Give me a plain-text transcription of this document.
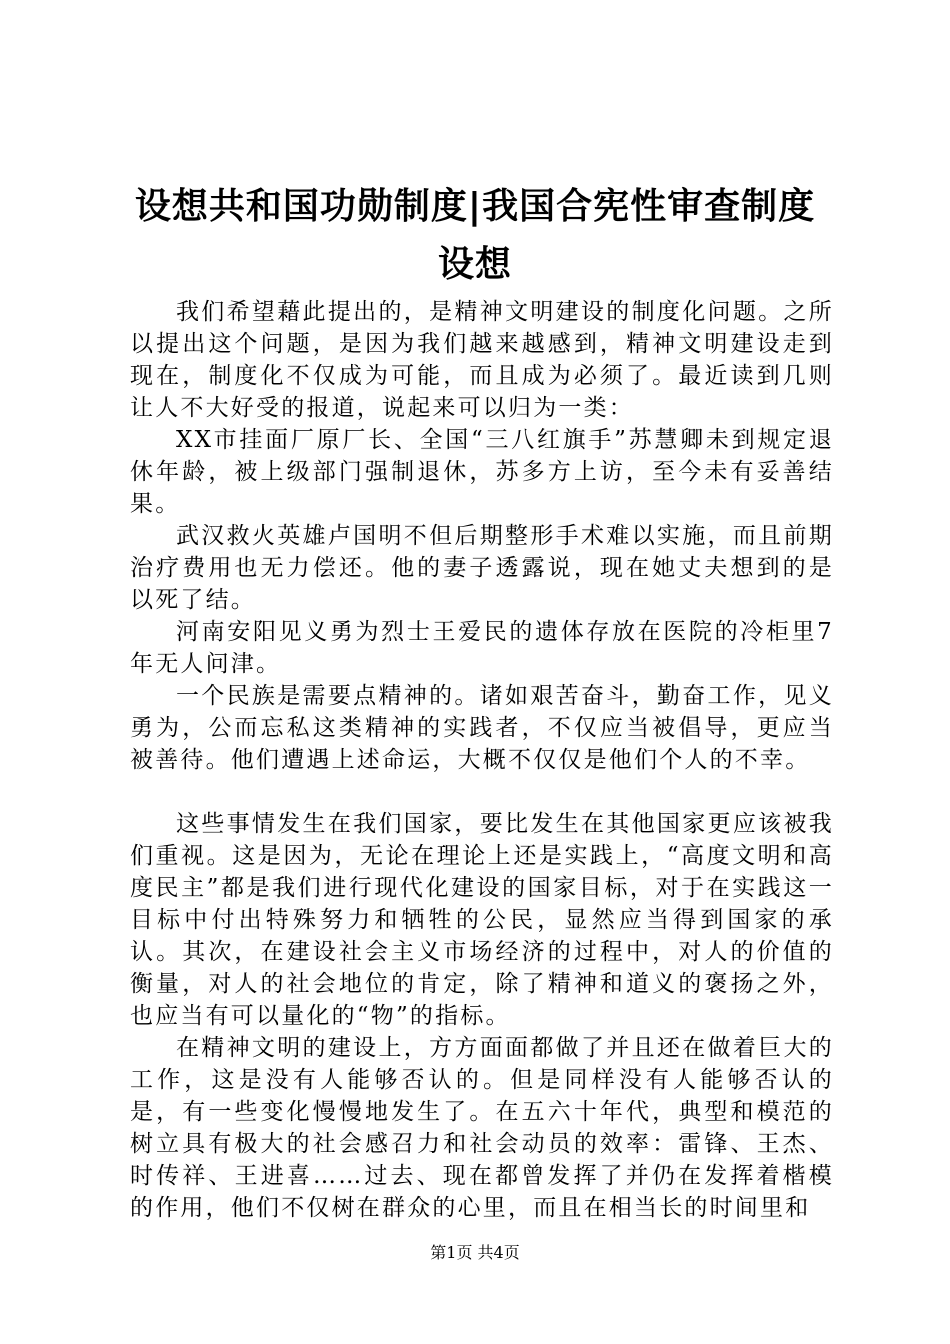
设想共和国功勋制度|我国合宪性审查制度设想

我们希望藉此提出的，是精神文明建设的制度化问题。之所以提出这个问题，是因为我们越来越感到，精神文明建设走到现在，制度化不仅成为可能，而且成为必须了。最近读到几则让人不大好受的报道，说起来可以归为一类：

XX市挂面厂原厂长、全国“三八红旗手”苏慧卿未到规定退休年龄，被上级部门强制退休，苏多方上访，至今未有妥善结果。

武汉救火英雄卢国明不但后期整形手术难以实施，而且前期治疗费用也无力偿还。他的妻子透露说，现在她丈夫想到的是以死了结。

河南安阳见义勇为烈士王爱民的遗体存放在医院的冷柜里7年无人问津。

一个民族是需要点精神的。诸如艰苦奋斗，勤奋工作，见义勇为，公而忘私这类精神的实践者，不仅应当被倡导，更应当被善待。他们遭遇上述命运，大概不仅仅是他们个人的不幸。

这些事情发生在我们国家，要比发生在其他国家更应该被我们重视。这是因为，无论在理论上还是实践上，“高度文明和高度民主”都是我们进行现代化建设的国家目标，对于在实践这一目标中付出特殊努力和牺牲的公民，显然应当得到国家的承认。其次，在建设社会主义市场经济的过程中，对人的价值的衡量，对人的社会地位的肯定，除了精神和道义的褒扬之外，也应当有可以量化的“物”的指标。

在精神文明的建设上，方方面面都做了并且还在做着巨大的工作，这是没有人能够否认的。但是同样没有人能够否认的是，有一些变化慢慢地发生了。在五六十年代，典型和模范的树立具有极大的社会感召力和社会动员的效率：雷锋、王杰、时传祥、王进喜……过去、现在都曾发挥了并仍在发挥着楷模的作用，他们不仅树在群众的心里，而且在相当长的时间里和

第1页 共4页
